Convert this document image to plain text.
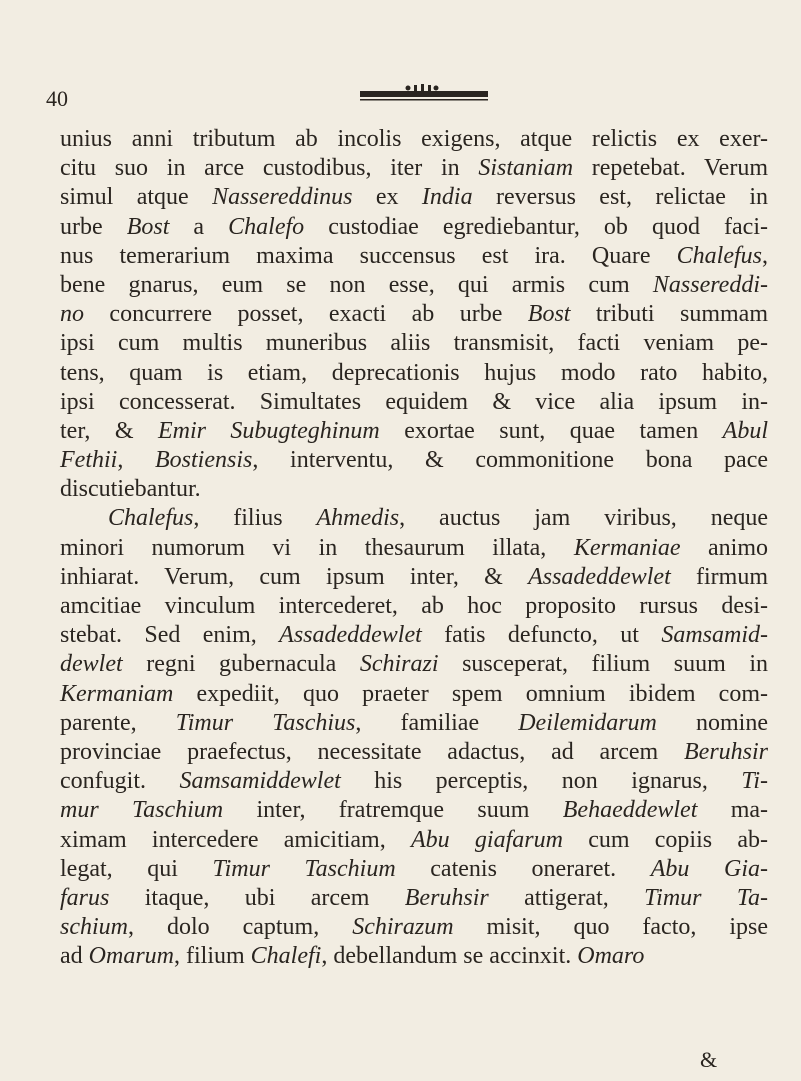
40
unius anni tributum ab incolis exigens, atque relictis ex exer-
citu suo in arce custodibus, iter in Sistaniam repetebat. Verum
simul atque Nassereddinus ex India reversus est, relictae in
urbe Bost a Chalefo custodiae egrediebantur, ob quod faci-
nus temerarium maxima succensus est ira. Quare Chalefus,
bene gnarus, eum se non esse, qui armis cum Nassereddi-
no concurrere posset, exacti ab urbe Bost tributi summam
ipsi cum multis muneribus aliis transmisit, facti veniam pe-
tens, quam is etiam, deprecationis hujus modo rato habito,
ipsi concesserat. Simultates equidem & vice alia ipsum in-
ter, & Emir Subugteghinum exortae sunt, quae tamen Abul
Fethii, Bostiensis, interventu, & commonitione bona pace
discutiebantur.
Chalefus, filius Ahmedis, auctus jam viribus, neque
minori numorum vi in thesaurum illata, Kermaniae animo
inhiarat. Verum, cum ipsum inter, & Assadeddewlet firmum
amcitiae vinculum intercederet, ab hoc proposito rursus desi-
stebat. Sed enim, Assadeddewlet fatis defuncto, ut Samsamid-
dewlet regni gubernacula Schirazi susceperat, filium suum in
Kermaniam expediit, quo praeter spem omnium ibidem com-
parente, Timur Taschius, familiae Deilemidarum nomine
provinciae praefectus, necessitate adactus, ad arcem Beruhsir
confugit. Samsamiddewlet his perceptis, non ignarus, Ti-
mur Taschium inter, fratremque suum Behaeddewlet ma-
ximam intercedere amicitiam, Abu giafarum cum copiis ab-
legat, qui Timur Taschium catenis oneraret. Abu Gia-
farus itaque, ubi arcem Beruhsir attigerat, Timur Ta-
schium, dolo captum, Schirazum misit, quo facto, ipse
ad Omarum, filium Chalefi, debellandum se accinxit. Omaro
&
